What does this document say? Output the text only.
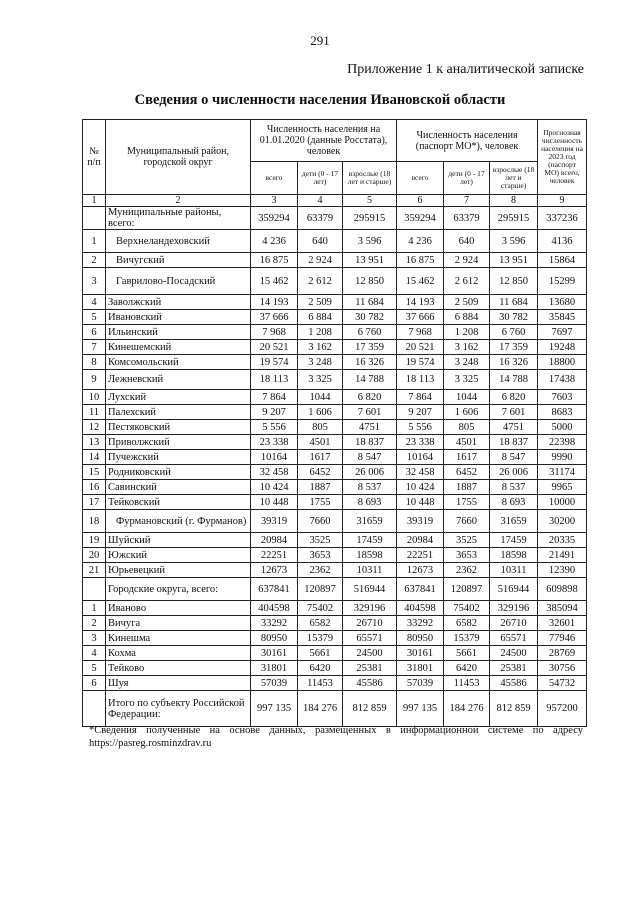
291
Приложение 1 к аналитической записке
Сведения о численности населения Ивановской области
№ п/п	Муниципальный район, городской округ	Численность населения на 01.01.2020 (данные Росстата), человек			Численность населения (паспорт МО*), человек			Прогнозная численность населения на 2023 год (паспорт МО) всего, человек
		всего	дети (0 - 17 лет)	взрослые (18 лет и старше)	всего	дети (0 - 17 лет)	взрослые (18 лет и старше)	
1	2	3	4	5	6	7	8	9
	Муниципальные районы, всего:	359294	63379	295915	359294	63379	295915	337236
1	Верхнеландеховский	4 236	640	3 596	4 236	640	3 596	4136
2	Вичугский	16 875	2 924	13 951	16 875	2 924	13 951	15864
3	Гаврилово-Посадский	15 462	2 612	12 850	15 462	2 612	12 850	15299
4	Заволжский	14 193	2 509	11 684	14 193	2 509	11 684	13680
5	Ивановский	37 666	6 884	30 782	37 666	6 884	30 782	35845
6	Ильинский	7 968	1 208	6 760	7 968	1 208	6 760	7697
7	Кинешемский	20 521	3 162	17 359	20 521	3 162	17 359	19248
8	Комсомольский	19 574	3 248	16 326	19 574	3 248	16 326	18800
9	Лежневский	18 113	3 325	14 788	18 113	3 325	14 788	17438
10	Лухский	7 864	1044	6 820	7 864	1044	6 820	7603
11	Палехский	9 207	1 606	7 601	9 207	1 606	7 601	8683
12	Пестяковский	5 556	805	4751	5 556	805	4751	5000
13	Приволжский	23 338	4501	18 837	23 338	4501	18 837	22398
14	Пучежский	10164	1617	8 547	10164	1617	8 547	9990
15	Родниковский	32 458	6452	26 006	32 458	6452	26 006	31174
16	Савинский	10 424	1887	8 537	10 424	1887	8 537	9965
17	Тейковский	10 448	1755	8 693	10 448	1755	8 693	10000
18	Фурмановский (г. Фурманов)	39319	7660	31659	39319	7660	31659	30200
19	Шуйский	20984	3525	17459	20984	3525	17459	20335
20	Южский	22251	3653	18598	22251	3653	18598	21491
21	Юрьевецкий	12673	2362	10311	12673	2362	10311	12390
	Городские округа, всего:	637841	120897	516944	637841	120897	516944	609898
1	Иваново	404598	75402	329196	404598	75402	329196	385094
2	Вичуга	33292	6582	26710	33292	6582	26710	32601
3	Кинешма	80950	15379	65571	80950	15379	65571	77946
4	Кохма	30161	5661	24500	30161	5661	24500	28769
5	Тейково	31801	6420	25381	31801	6420	25381	30756
6	Шуя	57039	11453	45586	57039	11453	45586	54732
	Итого по субъекту Российской Федерации:	997 135	184 276	812 859	997 135	184 276	812 859	957200
*Сведения полученные на основе данных, размещённых в информационной системе по адресу https://pasreg.rosminzdrav.ru
